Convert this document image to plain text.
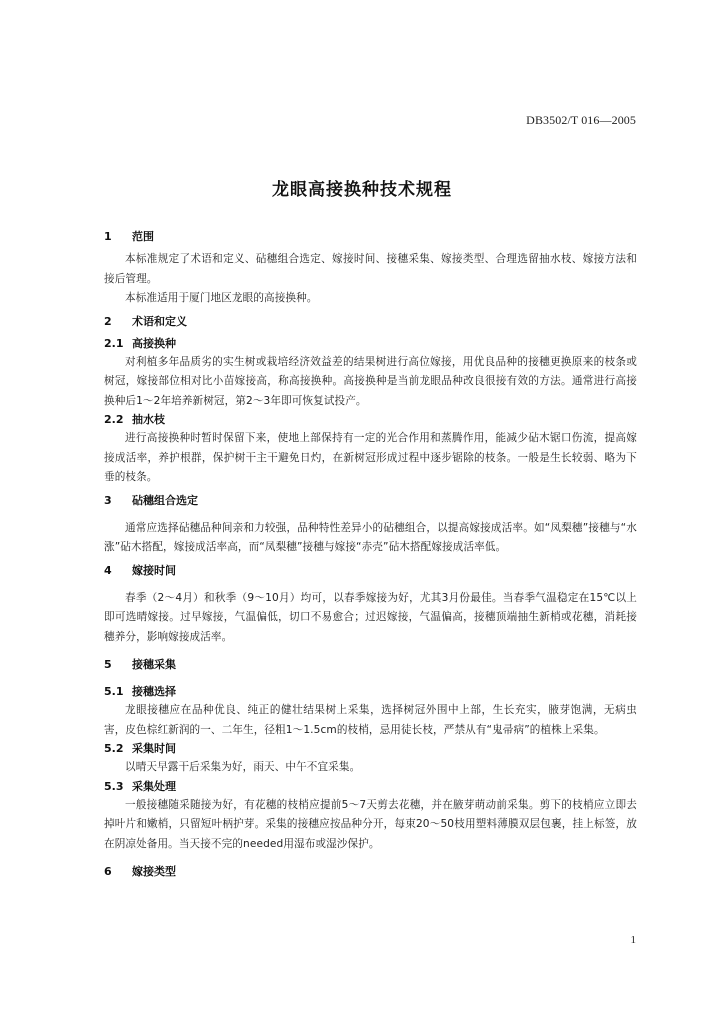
DB3502/T 016—2005
龙眼高接换种技术规程
1 范围

本标准规定了术语和定义、砧穗组合选定、嫁接时间、接穗采集、嫁接类型、合理选留抽水枝、嫁接方法和接后管理。

本标准适用于厦门地区龙眼的高接换种。

2 术语和定义
2.1 高接换种

对利植多年品质劣的实生树或栽培经济效益差的结果树进行高位嫁接，用优良品种的接穗更换原来的枝条或树冠，嫁接部位相对比小苗嫁接高，称高接换种。高接换种是当前龙眼品种改良很接有效的方法。通常进行高接换种后1～2年培养新树冠，第2～3年即可恢复试投产。

2.2 抽水枝

进行高接换种时暂时保留下来，使地上部保持有一定的光合作用和蒸腾作用，能减少砧木锯口伤流，提高嫁接成活率，养护根群，保护树干主干避免日灼，在新树冠形成过程中逐步锯除的枝条。一般是生长较弱、略为下垂的枝条。

3 砧穗组合选定

通常应选择砧穗品种间亲和力较强，品种特性差异小的砧穗组合，以提高嫁接成活率。如“凤梨穗”接穗与“水涨”砧木搭配，嫁接成活率高，而“凤梨穗”接穗与嫁接“赤壳”砧木搭配嫁接成活率低。

4 嫁接时间

春季（2～4月）和秋季（9～10月）均可，以春季嫁接为好，尤其3月份最佳。当春季气温稳定在15℃以上即可选晴嫁接。过早嫁接，气温偏低，切口不易愈合；过迟嫁接，气温偏高，接穗顶端抽生新梢或花穗，消耗接穗养分，影响嫁接成活率。

5 接穗采集
5.1 接穗选择

龙眼接穗应在品种优良、纯正的健壮结果树上采集，选择树冠外围中上部，生长充实，腋芽饱满，无病虫害，皮色棕红新润的一、二年生，径粗1～1.5cm的枝梢，忌用徒长枝，严禁从有“鬼帚病”的植株上采集。

5.2 采集时间

以晴天早露干后采集为好，雨天、中午不宜采集。

5.3 采集处理

一般接穗随采随接为好，有花穗的枝梢应提前5～7天剪去花穗，并在腋芽萌动前采集。剪下的枝梢应立即去掉叶片和嫩梢，只留短叶柄护芽。采集的接穗应按品种分开，每束20～50枝用塑料薄膜双层包裹，挂上标签，放在阴凉处备用。当天接不完的needed用湿布或湿沙保护。

6 嫁接类型
1
